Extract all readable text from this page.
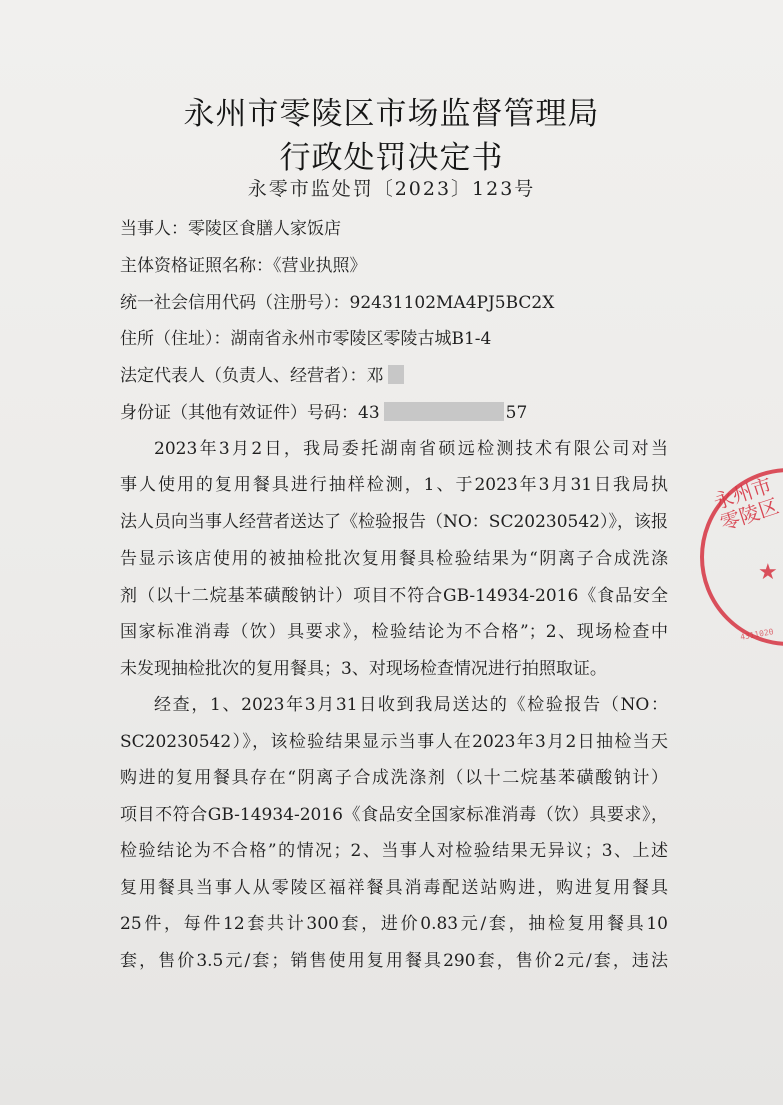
永州市零陵区市场监督管理局
行政处罚决定书
永零市监处罚〔2023〕123号
当事人：零陵区食膳人家饭店
主体资格证照名称：《营业执照》
统一社会信用代码（注册号）：92431102MA4PJ5BC2X
住所（住址）：湖南省永州市零陵区零陵古城B1-4
法定代表人（负责人、经营者）：邓
身份证（其他有效证件）号码：43	57
2023年3月2日，我局委托湖南省硕远检测技术有限公司对当
事人使用的复用餐具进行抽样检测，1、于2023年3月31日我局执
法人员向当事人经营者送达了《检验报告（NO：SC20230542）》，该报
告显示该店使用的被抽检批次复用餐具检验结果为“阴离子合成洗涤
剂（以十二烷基苯磺酸钠计）项目不符合GB-14934-2016《食品安全
国家标准消毒（饮）具要求》，检验结论为不合格”；2、现场检查中
未发现抽检批次的复用餐具；3、对现场检查情况进行拍照取证。
经查，1、2023年3月31日收到我局送达的《检验报告（NO：
SC20230542）》，该检验结果显示当事人在2023年3月2日抽检当天
购进的复用餐具存在“阴离子合成洗涤剂（以十二烷基苯磺酸钠计）
项目不符合GB-14934-2016《食品安全国家标准消毒（饮）具要求》，
检验结论为不合格”的情况；2、当事人对检验结果无异议；3、上述
复用餐具当事人从零陵区福祥餐具消毒配送站购进，购进复用餐具
25件，每件12套共计300套，进价0.83元/套，抽检复用餐具10
套，售价3.5元/套；销售使用复用餐具290套，售价2元/套，违法
永州市零陵区
★
4311020
